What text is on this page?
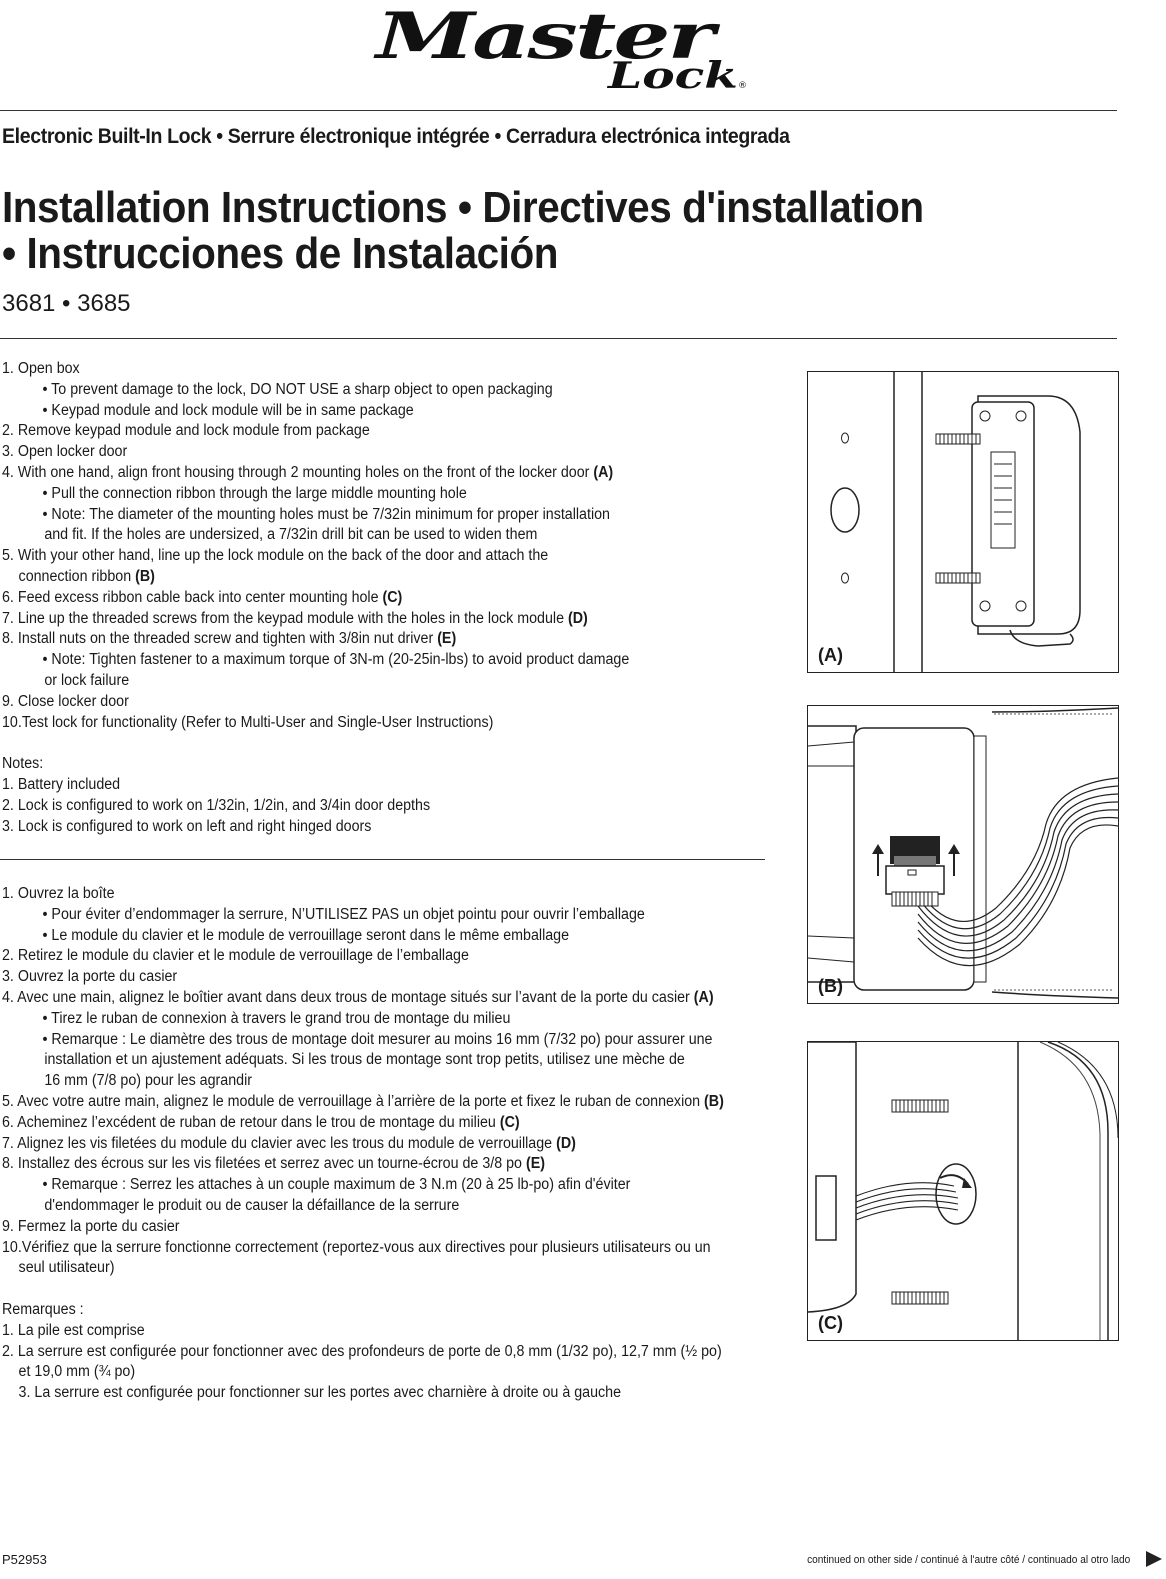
Master
Lock ®
Electronic Built-In Lock • Serrure électronique intégrée • Cerradura electrónica integrada
Installation Instructions • Directives d'installation
• Instrucciones de Instalación
3681 • 3685
1. Open box
• To prevent damage to the lock, DO NOT USE a sharp object to open packaging
• Keypad module and lock module will be in same package
2. Remove keypad module and lock module from package
3. Open locker door
4. With one hand, align front housing through 2 mounting holes on the front of the locker door (A)
• Pull the connection ribbon through the large middle mounting hole
• Note: The diameter of the mounting holes must be 7/32in minimum for proper installation
and fit. If the holes are undersized, a 7/32in drill bit can be used to widen them
5. With your other hand, line up the lock module on the back of the door and attach the
connection ribbon (B)
6. Feed excess ribbon cable back into center mounting hole (C)
7. Line up the threaded screws from the keypad module with the holes in the lock module (D)
8. Install nuts on the threaded screw and tighten with 3/8in nut driver (E)
• Note: Tighten fastener to a maximum torque of 3N-m (20-25in-lbs) to avoid product damage
or lock failure
9. Close locker door
10.Test lock for functionality (Refer to Multi-User and Single-User Instructions)
Notes:
1. Battery included
2. Lock is configured to work on 1/32in, 1/2in, and 3/4in door depths
3. Lock is configured to work on left and right hinged doors
1. Ouvrez la boîte
• Pour éviter d’endommager la serrure, N’UTILISEZ PAS un objet pointu pour ouvrir l’emballage
• Le module du clavier et le module de verrouillage seront dans le même emballage
2. Retirez le module du clavier et le module de verrouillage de l’emballage
3. Ouvrez la porte du casier
4. Avec une main, alignez le boîtier avant dans deux trous de montage situés sur l’avant de la porte du casier (A)
• Tirez le ruban de connexion à travers le grand trou de montage du milieu
• Remarque : Le diamètre des trous de montage doit mesurer au moins 16 mm (7/32 po) pour assurer une
installation et un ajustement adéquats. Si les trous de montage sont trop petits, utilisez une mèche de
16 mm (7/8 po) pour les agrandir
5. Avec votre autre main, alignez le module de verrouillage à l’arrière de la porte et fixez le ruban de connexion (B)
6. Acheminez l’excédent de ruban de retour dans le trou de montage du milieu (C)
7. Alignez les vis filetées du module du clavier avec les trous du module de verrouillage (D)
8. Installez des écrous sur les vis filetées et serrez avec un tourne-écrou de 3/8 po (E)
• Remarque : Serrez les attaches à un couple maximum de 3 N.m (20 à 25 lb-po) afin d'éviter
d'endommager le produit ou de causer la défaillance de la serrure
9. Fermez la porte du casier
10.Vérifiez que la serrure fonctionne correctement (reportez-vous aux directives pour plusieurs utilisateurs ou un
seul utilisateur)
Remarques :
1. La pile est comprise
2. La serrure est configurée pour fonctionner avec des profondeurs de porte de 0,8 mm (1/32 po), 12,7 mm (½ po)
et 19,0 mm (¾ po)
3. La serrure est configurée pour fonctionner sur les portes avec charnière à droite ou à gauche
(A)
(B)
(C)
P52953	continued on other side / continué à l'autre côté / continuado al otro lado
